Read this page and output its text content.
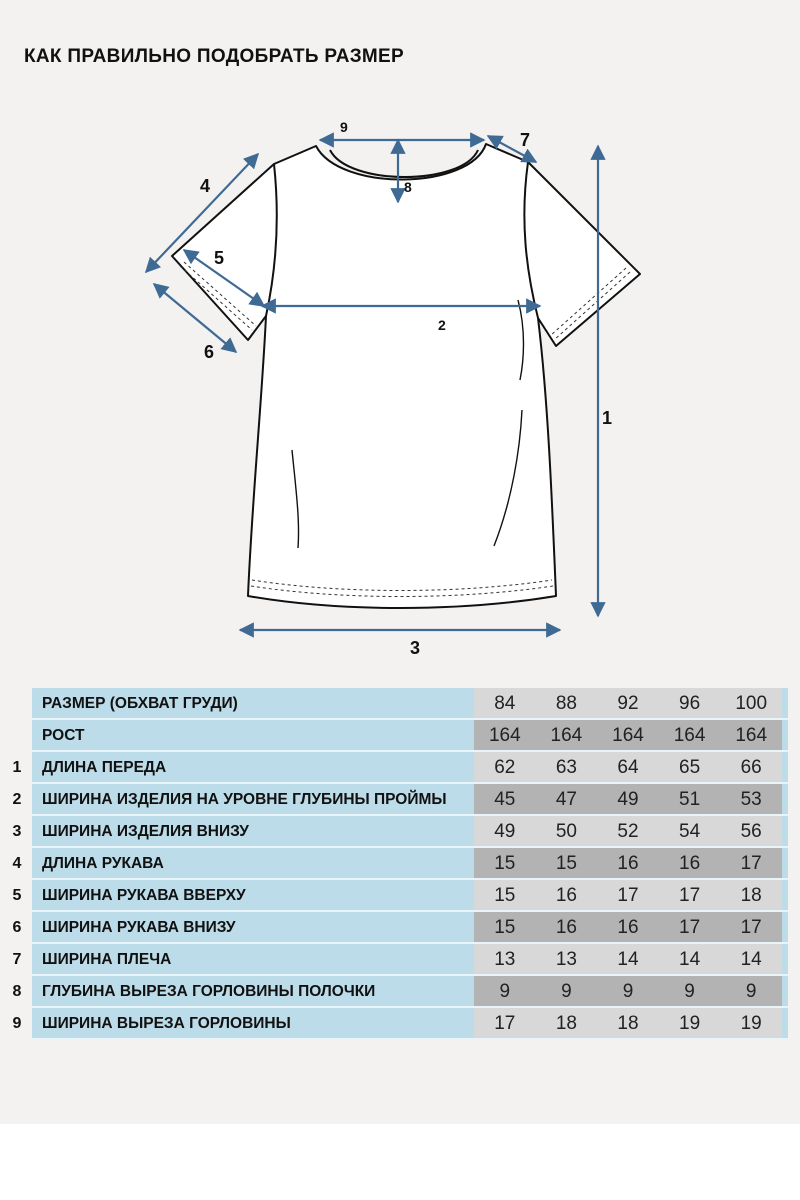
КАК ПРАВИЛЬНО ПОДОБРАТЬ РАЗМЕР
1
2
3
4
5
6
7
8
9
РАЗМЕР (ОБХВАТ ГРУДИ)	84	88	92	96	100
РОСТ	164	164	164	164	164
1	ДЛИНА ПЕРЕДА	62	63	64	65	66
2	ШИРИНА ИЗДЕЛИЯ НА УРОВНЕ ГЛУБИНЫ ПРОЙМЫ	45	47	49	51	53
3	ШИРИНА ИЗДЕЛИЯ ВНИЗУ	49	50	52	54	56
4	ДЛИНА РУКАВА	15	15	16	16	17
5	ШИРИНА РУКАВА ВВЕРХУ	15	16	17	17	18
6	ШИРИНА РУКАВА ВНИЗУ	15	16	16	17	17
7	ШИРИНА ПЛЕЧА	13	13	14	14	14
8	ГЛУБИНА ВЫРЕЗА ГОРЛОВИНЫ ПОЛОЧКИ	9	9	9	9	9
9	ШИРИНА ВЫРЕЗА ГОРЛОВИНЫ	17	18	18	19	19
